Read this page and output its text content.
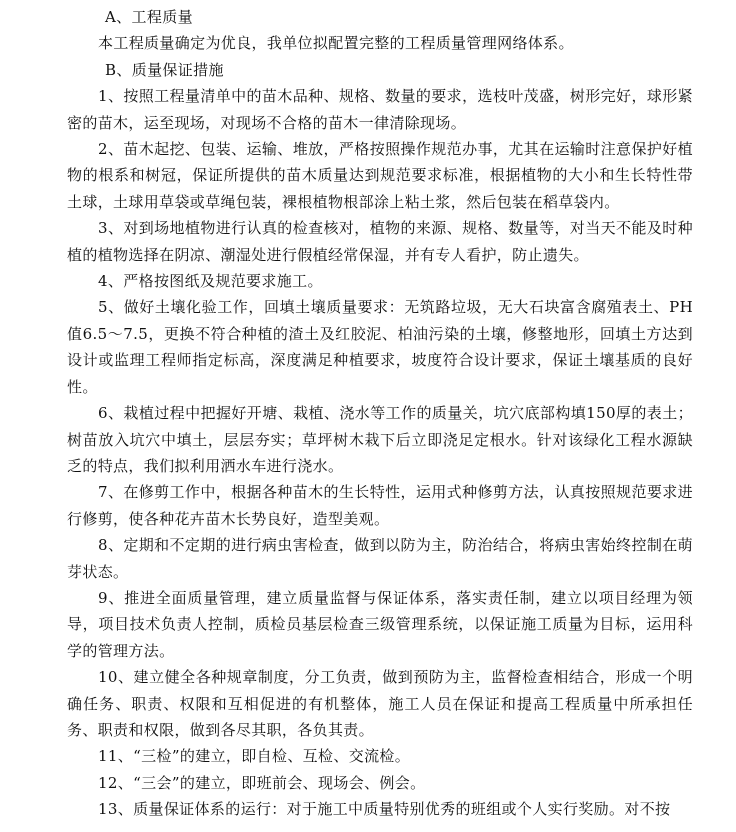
A、工程质量

本工程质量确定为优良，我单位拟配置完整的工程质量管理网络体系。

B、质量保证措施

1、按照工程量清单中的苗木品种、规格、数量的要求，选枝叶茂盛，树形完好，球形紧密的苗木，运至现场，对现场不合格的苗木一律清除现场。

2、苗木起挖、包装、运输、堆放，严格按照操作规范办事，尤其在运输时注意保护好植物的根系和树冠，保证所提供的苗木质量达到规范要求标准，根据植物的大小和生长特性带土球，土球用草袋或草绳包装，裸根植物根部涂上粘土浆，然后包装在稻草袋内。

3、对到场地植物进行认真的检查核对，植物的来源、规格、数量等，对当天不能及时种植的植物选择在阴凉、潮湿处进行假植经常保湿，并有专人看护，防止遗失。

4、严格按图纸及规范要求施工。

5、做好土壤化验工作，回填土壤质量要求：无筑路垃圾，无大石块富含腐殖表土、PH值6.5～7.5，更换不符合种植的渣土及红胶泥、柏油污染的土壤，修整地形，回填土方达到设计或监理工程师指定标高，深度满足种植要求，坡度符合设计要求，保证土壤基质的良好性。

6、栽植过程中把握好开塘、栽植、浇水等工作的质量关，坑穴底部构填150厚的表土；树苗放入坑穴中填土，层层夯实；草坪树木栽下后立即浇足定根水。针对该绿化工程水源缺乏的特点，我们拟利用洒水车进行浇水。

7、在修剪工作中，根据各种苗木的生长特性，运用式种修剪方法，认真按照规范要求进行修剪，使各种花卉苗木长势良好，造型美观。

8、定期和不定期的进行病虫害检查，做到以防为主，防治结合，将病虫害始终控制在萌芽状态。

9、推进全面质量管理，建立质量监督与保证体系，落实责任制，建立以项目经理为领导，项目技术负责人控制，质检员基层检查三级管理系统，以保证施工质量为目标，运用科学的管理方法。

10、建立健全各种规章制度，分工负责，做到预防为主，监督检查相结合，形成一个明确任务、职责、权限和互相促进的有机整体，施工人员在保证和提高工程质量中所承担任务、职责和权限，做到各尽其职，各负其责。

11、“三检”的建立，即自检、互检、交流检。

12、“三会”的建立，即班前会、现场会、例会。

13、质量保证体系的运行：对于施工中质量特别优秀的班组或个人实行奖励。对不按
